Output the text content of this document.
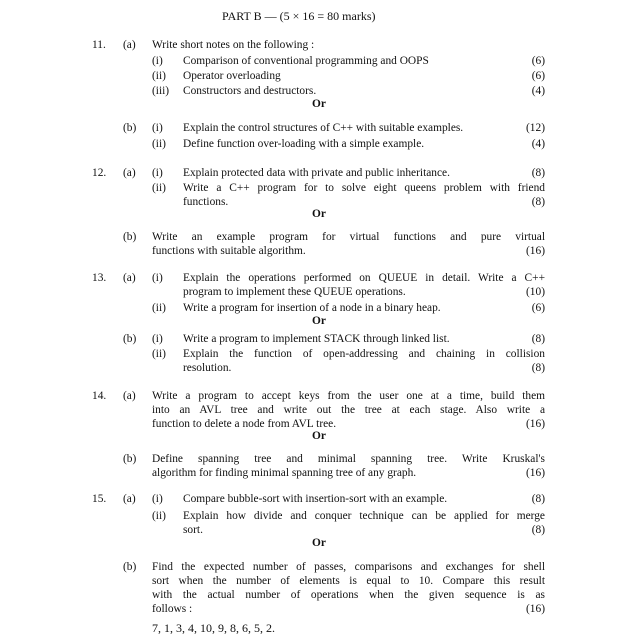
PART B — (5 × 16 = 80 marks)
11. (a) Write short notes on the following :
(i) Comparison of conventional programming and OOPS	(6)
(ii) Operator overloading	(6)
(iii) Constructors and destructors.	(4)
Or
(b) (i) Explain the control structures of C++ with suitable examples.	(12)
(ii) Define function over-loading with a simple example.	(4)
12. (a) (i) Explain protected data with private and public inheritance.	(8)
(ii) Write a C++ program for to solve eight queens problem with friend
functions.	(8)
Or
(b) Write an example program for virtual functions and pure virtual
functions with suitable algorithm.	(16)
13. (a) (i) Explain the operations performed on QUEUE in detail. Write a C++
program to implement these QUEUE operations.	(10)
(ii) Write a program for insertion of a node in a binary heap.	(6)
Or
(b) (i) Write a program to implement STACK through linked list.	(8)
(ii) Explain the function of open-addressing and chaining in collision
resolution.	(8)
14. (a) Write a program to accept keys from the user one at a time, build them
into an AVL tree and write out the tree at each stage. Also write a
function to delete a node from AVL tree.	(16)
Or
(b) Define spanning tree and minimal spanning tree. Write Kruskal's
algorithm for finding minimal spanning tree of any graph.	(16)
15. (a) (i) Compare bubble-sort with insertion-sort with an example.	(8)
(ii) Explain how divide and conquer technique can be applied for merge
sort.	(8)
Or
(b) Find the expected number of passes, comparisons and exchanges for shell
sort when the number of elements is equal to 10. Compare this result
with the actual number of operations when the given sequence is as
follows :	(16)
7, 1, 3, 4, 10, 9, 8, 6, 5, 2.
